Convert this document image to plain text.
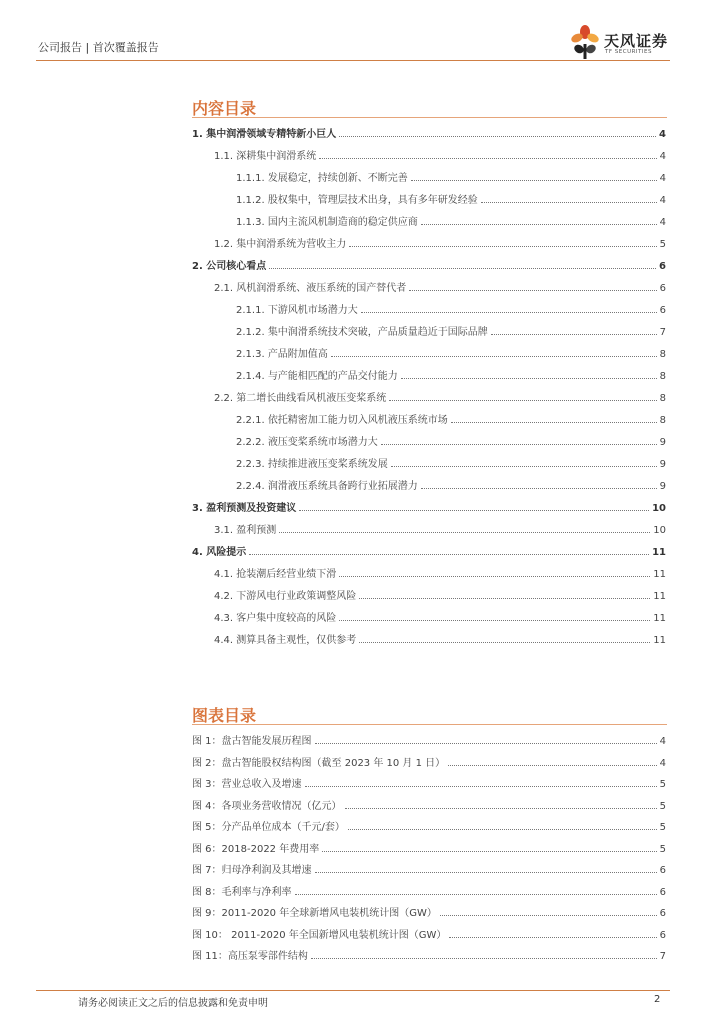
公司报告 | 首次覆盖报告	天风证券
TF SECURITIES
内容目录
1. 集中润滑领域专精特新小巨人	4
1.1. 深耕集中润滑系统	4
1.1.1. 发展稳定，持续创新、不断完善	4
1.1.2. 股权集中，管理层技术出身，具有多年研发经验	4
1.1.3. 国内主流风机制造商的稳定供应商	4
1.2. 集中润滑系统为营收主力	5
2. 公司核心看点	6
2.1. 风机润滑系统、液压系统的国产替代者	6
2.1.1. 下游风机市场潜力大	6
2.1.2. 集中润滑系统技术突破，产品质量趋近于国际品牌	7
2.1.3. 产品附加值高	8
2.1.4. 与产能相匹配的产品交付能力	8
2.2. 第二增长曲线看风机液压变桨系统	8
2.2.1. 依托精密加工能力切入风机液压系统市场	8
2.2.2. 液压变桨系统市场潜力大	9
2.2.3. 持续推进液压变桨系统发展	9
2.2.4. 润滑液压系统具备跨行业拓展潜力	9
3. 盈利预测及投资建议	10
3.1. 盈利预测	10
4. 风险提示	11
4.1. 抢装潮后经营业绩下滑	11
4.2. 下游风电行业政策调整风险	11
4.3. 客户集中度较高的风险	11
4.4. 测算具备主观性，仅供参考	11
图表目录
图 1：盘古智能发展历程图	4
图 2：盘古智能股权结构图（截至 2023 年 10 月 1 日）	4
图 3：营业总收入及增速	5
图 4：各项业务营收情况（亿元）	5
图 5：分产品单位成本（千元/套）	5
图 6：2018-2022 年费用率	5
图 7：归母净利润及其增速	6
图 8：毛利率与净利率	6
图 9：2011-2020 年全球新增风电装机统计图（GW）	6
图 10： 2011-2020 年全国新增风电装机统计图（GW）	6
图 11：高压泵零部件结构	7
请务必阅读正文之后的信息披露和免责申明	2
